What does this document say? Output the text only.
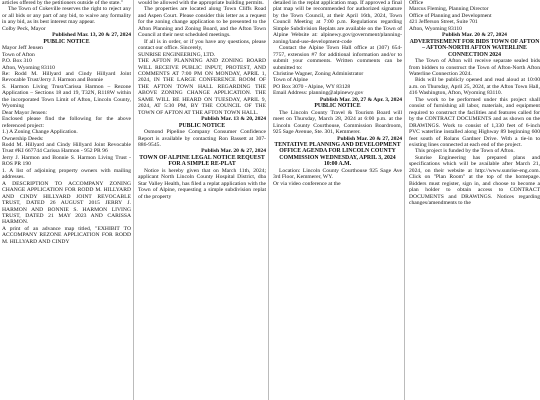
articles offered by the petitioners outside of the state."

The Town of Cokeville reserves the right to reject any or all bids or any part of any bid, to waive any formality in any bid, as its best interest may appear.

Colby Peck, Mayor

Published Mar. 13, 20 & 27, 2024

PUBLIC NOTICE

Mayor Jeff Jensen

Town of Afton

P.O. Box 310

Afton, Wyoming 83110

Re: Rodd M. Hillyard and Cindy Hillyard Joint Revocable Trust/Jerry J. Harmon and Bonnie

S. Harmon Living Trust/Carissa Harmon – Rezone Application – Sections 18 and 19, T32N, R118W within the incorporated Town Limit of Afton, Lincoln County, Wyoming

Dear Mayor Jensen:

Enclosed please find the following for the above referenced project:

1.) A Zoning Change Application.

Ownership Deeds:

Rodd M. Hillyard and Cindy Hillyard Joint Revocable Trust #KI 667744 Carissa Harmon - 952 PR 96

Jerry J. Harmon and Bonnie S. Harmon Living Trust - ROS PR 190

1. A list of adjoining property owners with mailing addresses.

A DESCRIPTION TO ACCOMPANY ZONING CHANGE APPLICATION FOR RODD M. HILLYARD AND CINDY HILLYARD JOINT REVOCABLE TRUST, DATED 26 AUGUST 2015 JERRY J. HARMON AND BONNIE S. HARMON LIVING TRUST, DATED 21 MAY 2023 AND CARISSA HARMON.

A print of an advance map titled, "EXHIBIT TO ACCOMPANY REZONE APPLICATION FOR RODD M. HILLYARD AND CINDY

would be allowed with the appropriate building permits.

The properties are located along Town Cliffs Road and Aspen Court. Please consider this letter as a request for the zoning change application to be presented to the Afton Planning and Zoning Board, and the Afton Town Council at their next scheduled meetings.

If all is in order, or if you have any questions, please contact our office. Sincerely,

SUNRISE ENGINEERING, LTD.

THE AFTON PLANNING AND ZONING BOARD WILL RECEIVE PUBLIC INPUT, PROTEST, AND COMMENTS AT 7:00 PM ON MONDAY, APRIL 1, 2024, IN THE LARGE CONFERENCE ROOM OF THE AFTON TOWN HALL REGARDING THE ABOVE ZONING CHANGE APPLICATION. THE SAME WILL BE HEARD ON TUESDAY, APRIL 9, 2024, AT 5:30 PM, BY THE COUNCIL OF THE TOWN OF AFTON AT THE AFTON TOWN HALL.

Publish Mar. 13 & 20, 2024

PUBLIC NOTICE

Osmond Pipeline Company Consumer Confidence Report is available by contacting Ron Bassett at 307-886-9545.

Publish Mar. 20 & 27, 2024

TOWN OF ALPINE LEGAL NOTICE REQUEST FOR A SIMPLE RE-PLAT

Notice is hereby given that on March 11th, 2024; applicant North Lincoln County Hospital District, dba Star Valley Health, has filed a replat application with the Town of Alpine, requesting a simple subdivision replat of the property

detailed in the replat application map. If approved a final plat map will be recommended for authorized signature by the Town Council, at their April 16th, 2024, Town Council Meeting at 7:00 p.m. Regulations regarding Simple Subdivision Replats are available on the Town of Alpine Website at: alpinewy.gov/government/planning-zoning/land-use-development-code

Contact the Alpine Town Hall office at (307) 654-7757, extension #7 for additional information and/or to submit your comments. Written comments can be submitted to:

Christine Wagner, Zoning Administrator

Town of Alpine

PO Box 3070 - Alpine, WY 83128

Email Address: planning@alpinewy.gov

Publish Mar. 20, 27 & Apr. 3, 2024

PUBLIC NOTICE

The Lincoln County Travel & Tourism Board will meet on Thursday, March 28, 2024 at 6:00 p.m. at the Lincoln County Courthouse, Commission Boardroom, 925 Sage Avenue, Ste. 301, Kemmerer.

Publish Mar. 20 & 27, 2024

TENTATIVE PLANNING AND DEVELOPMENT OFFICE AGENDA FOR LINCOLN COUNTY COMMISSION WEDNESDAY, APRIL 3, 2024 10:00 A.M.

Location: Lincoln County Courthouse 925 Sage Ave 3rd Floor, Kemmerer, WY.

Or via video conference at the

Office

Marcus Fleming, Planning Director

Office of Planning and Development

421 Jefferson Street, Suite 701

Afton, Wyoming 83110

Publish Mar. 20 & 27, 2024

ADVERTISEMENT FOR BIDS TOWN OF AFTON – AFTON-NORTH AFTON WATERLINE CONNECTION 2024

The Town of Afton will receive separate sealed bids from bidders to construct the Town of Afton-North Afton Waterline Connection 2024.

Bids will be publicly opened and read aloud at 10:00 a.m. on Thursday, April 25, 2024, at the Afton Town Hall, 416 Washington, Afton, Wyoming 83110.

The work to be performed under this project shall consist of furnishing all labor, materials, and equipment required to construct the facilities and features called for by the CONTRACT DOCUMENTS and as shown on the DRAWINGS. Work to consist of 1,330 feet of 6-inch PVC waterline installed along Highway 89 beginning 600 feet south of Rolans Gardner Drive. With a tie-in to existing lines connected at each end of the project.

This project is funded by the Town of Afton.

Sunrise Engineering has prepared plans and specifications which will be available after March 21, 2024, on their website at http://www.sunrise-eng.com. Click on "Plan Room" at the top of the homepage. Bidders must register, sign in, and choose to become a plan holder to obtain access to CONTRACT DOCUMENTS and DRAWINGS. Notices regarding changes/amendments to the
